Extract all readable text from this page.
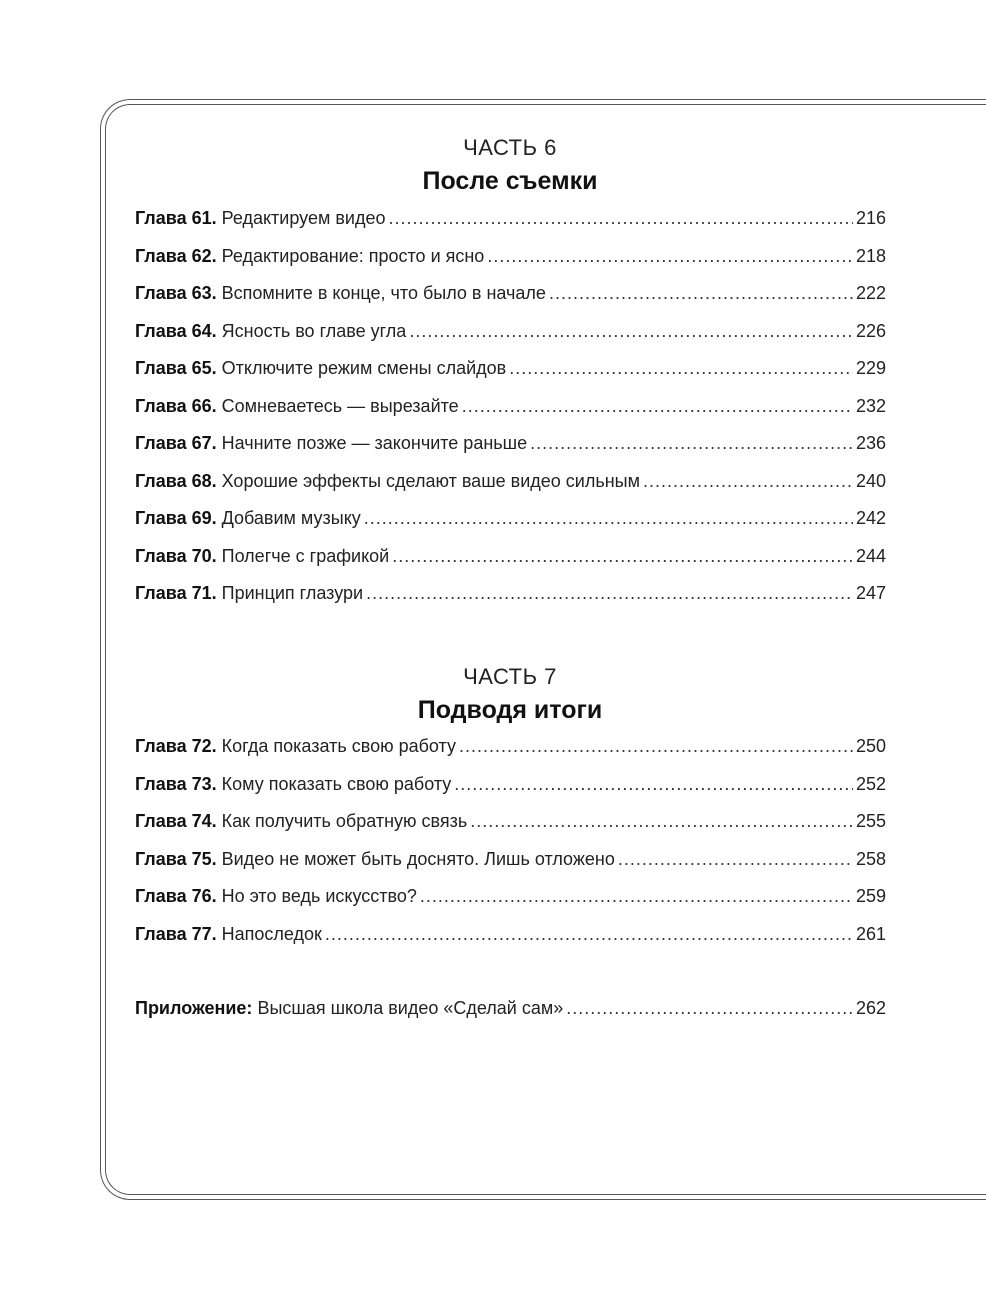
ЧАСТЬ 6
После съемки
Глава 61. Редактируем видео .....	216
Глава 62. Редактирование: просто и ясно .....	218
Глава 63. Вспомните в конце, что было в начале .....	222
Глава 64. Ясность во главе угла .....	226
Глава 65. Отключите режим смены слайдов .....	229
Глава 66. Сомневаетесь — вырезайте .....	232
Глава 67. Начните позже — закончите раньше .....	236
Глава 68. Хорошие эффекты сделают ваше видео сильным .....	240
Глава 69. Добавим музыку .....	242
Глава 70. Полегче с графикой .....	244
Глава 71. Принцип глазури .....	247
ЧАСТЬ 7
Подводя итоги
Глава 72. Когда показать свою работу .....	250
Глава 73. Кому показать свою работу .....	252
Глава 74. Как получить обратную связь .....	255
Глава 75. Видео не может быть доснято. Лишь отложено .....	258
Глава 76. Но это ведь искусство? .....	259
Глава 77. Напоследок .....	261
Приложение: Высшая школа видео «Сделай сам» .....	262
